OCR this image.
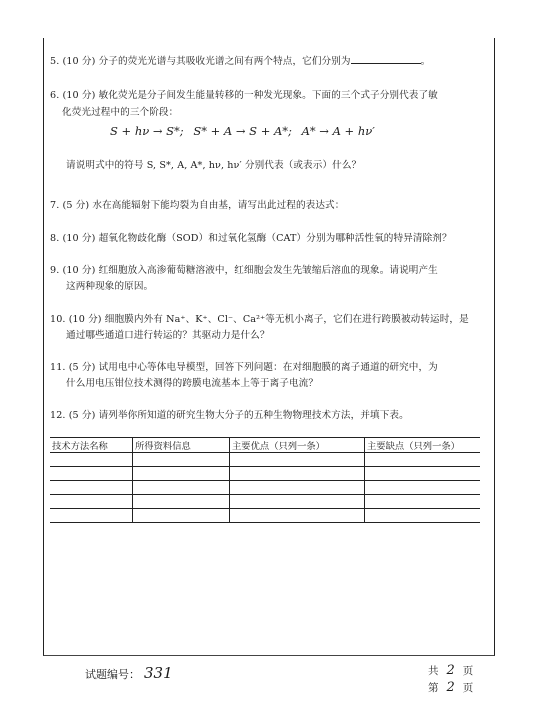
5. (10 分) 分子的荧光光谱与其吸收光谱之间有两个特点，它们分别为	。
6. (10 分) 敏化荧光是分子间发生能量转移的一种发光现象。下面的三个式子分别代表了敏
化荧光过程中的三个阶段：
S + hν → S*; S* + A → S + A*; A* → A + hν′
请说明式中的符号 S, S*, A, A*, hν, hν′ 分别代表（或表示）什么？
7. (5 分) 水在高能辐射下能均裂为自由基，请写出此过程的表达式：
8. (10 分) 超氧化物歧化酶（SOD）和过氧化氢酶（CAT）分别为哪种活性氧的特异清除剂？
9. (10 分) 红细胞放入高渗葡萄糖溶液中，红细胞会发生先皱缩后溶血的现象。请说明产生
这两种现象的原因。
10. (10 分) 细胞膜内外有 Na⁺、K⁺、Cl⁻、Ca²⁺等无机小离子，它们在进行跨膜被动转运时，是
通过哪些通道口进行转运的？其驱动力是什么？
11. (5 分) 试用电中心等体电导模型，回答下列问题：在对细胞膜的离子通道的研究中，为
什么用电压钳位技术测得的跨膜电流基本上等于离子电流？
12. (5 分) 请列举你所知道的研究生物大分子的五种生物物理技术方法，并填下表。
技术方法名称	所得资料信息	主要优点（只列一条）	主要缺点（只列一条）

试题编号： 331	共 2 页
第 2 页
